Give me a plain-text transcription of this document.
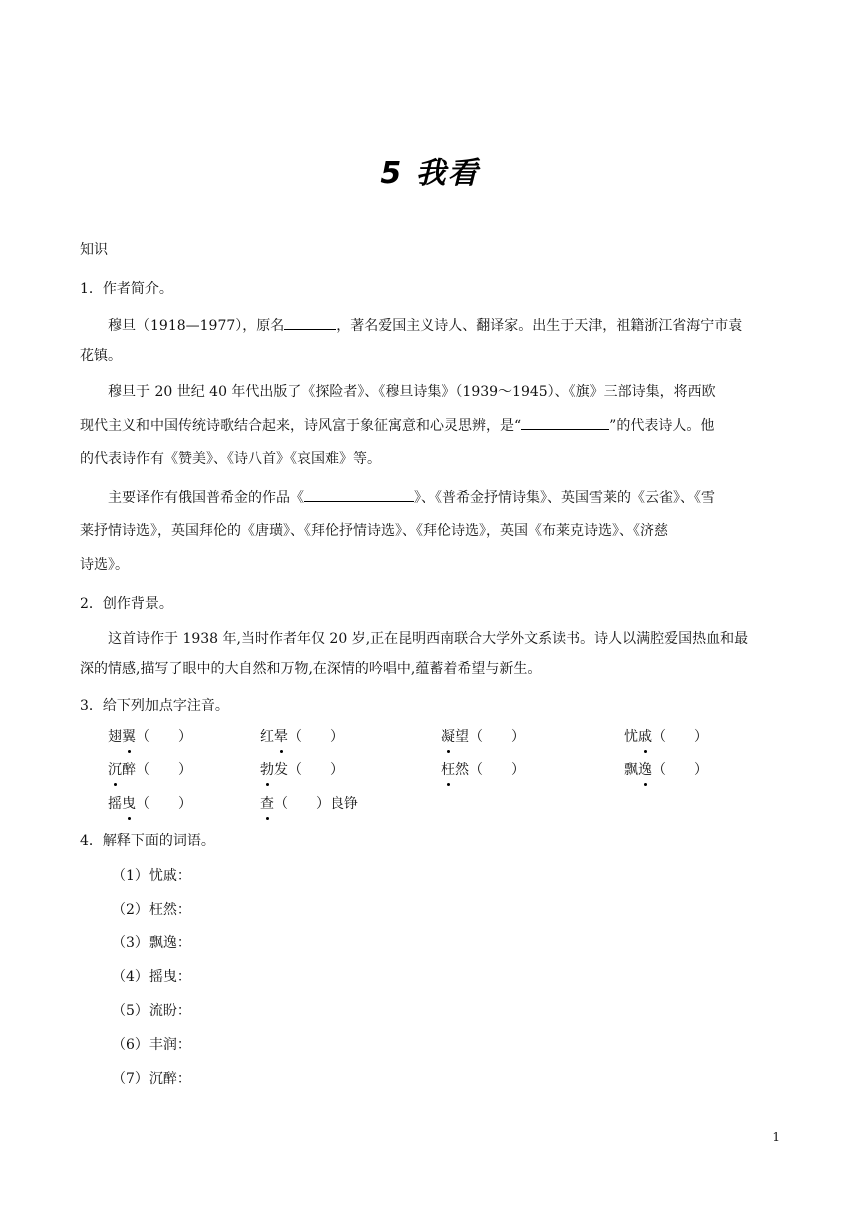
5 我看
知识
1．作者简介。
穆旦（1918—1977），原名	，著名爱国主义诗人、翻译家。出生于天津，祖籍浙江省海宁市袁
花镇。
穆旦于 20 世纪 40 年代出版了《探险者》、《穆旦诗集》（1939～1945）、《旗》三部诗集，将西欧
现代主义和中国传统诗歌结合起来，诗风富于象征寓意和心灵思辨，是“	”的代表诗人。他
的代表诗作有《赞美》、《诗八首》《哀国难》等。
主要译作有俄国普希金的作品《	》、《普希金抒情诗集》、英国雪莱的《云雀》、《雪
莱抒情诗选》，英国拜伦的《唐璜》、《拜伦抒情诗选》、《拜伦诗选》，英国《布莱克诗选》、《济慈
诗选》。
2．创作背景。
这首诗作于 1938 年,当时作者年仅 20 岁,正在昆明西南联合大学外文系读书。诗人以满腔爱国热血和最
深的情感,描写了眼中的大自然和万物,在深情的吟唱中,蕴蓄着希望与新生。
3．给下列加点字注音。
翅翼（　　）	红晕（　　）	凝望（　　）	忧戚（　　）
沉醉（　　）	勃发（　　）	枉然（　　）	飘逸（　　）
摇曳（　　）	查（　　）良铮
4．解释下面的词语。
（1）忧戚：
（2）枉然：
（3）飘逸：
（4）摇曳：
（5）流盼：
（6）丰润：
（7）沉醉：
1
